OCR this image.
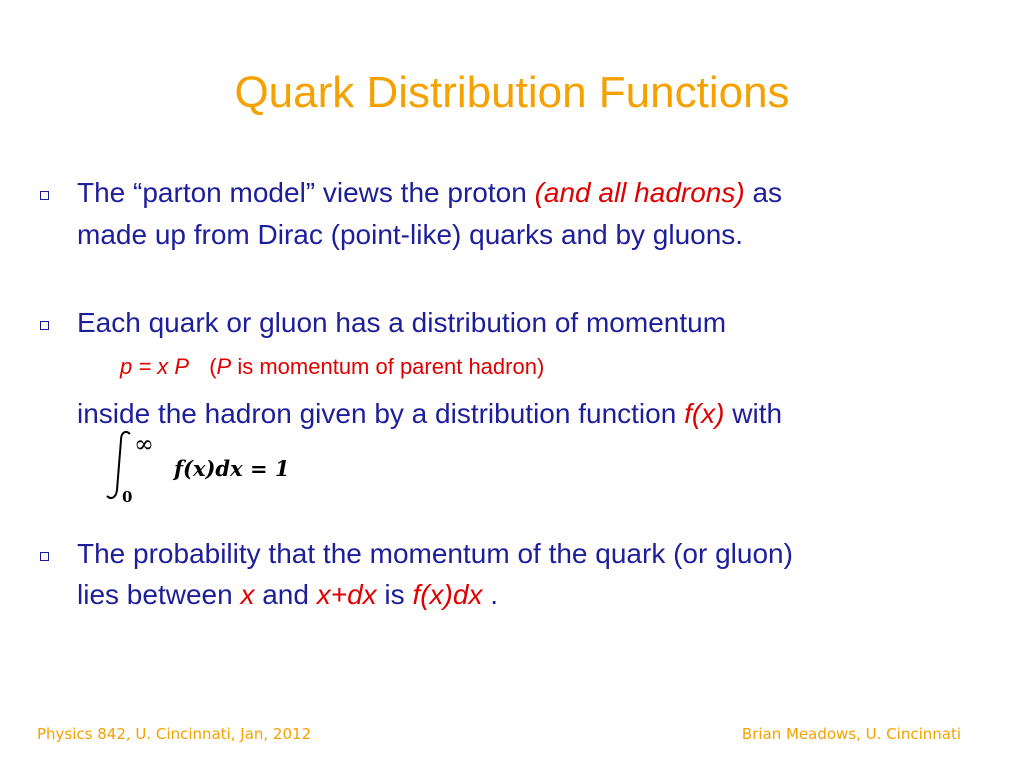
Quark Distribution Functions
The “parton model” views the proton (and all hadrons) as
made up from Dirac (point-like) quarks and by gluons.
Each quark or gluon has a distribution of momentum
p = x P (P is momentum of parent hadron)
inside the hadron given by a distribution function f(x) with
∞
0
f(x)dx = 1
The probability that the momentum of the quark (or gluon)
lies between x and x+dx is f(x)dx .
Physics 842, U. Cincinnati, Jan, 2012	Brian Meadows, U. Cincinnati
